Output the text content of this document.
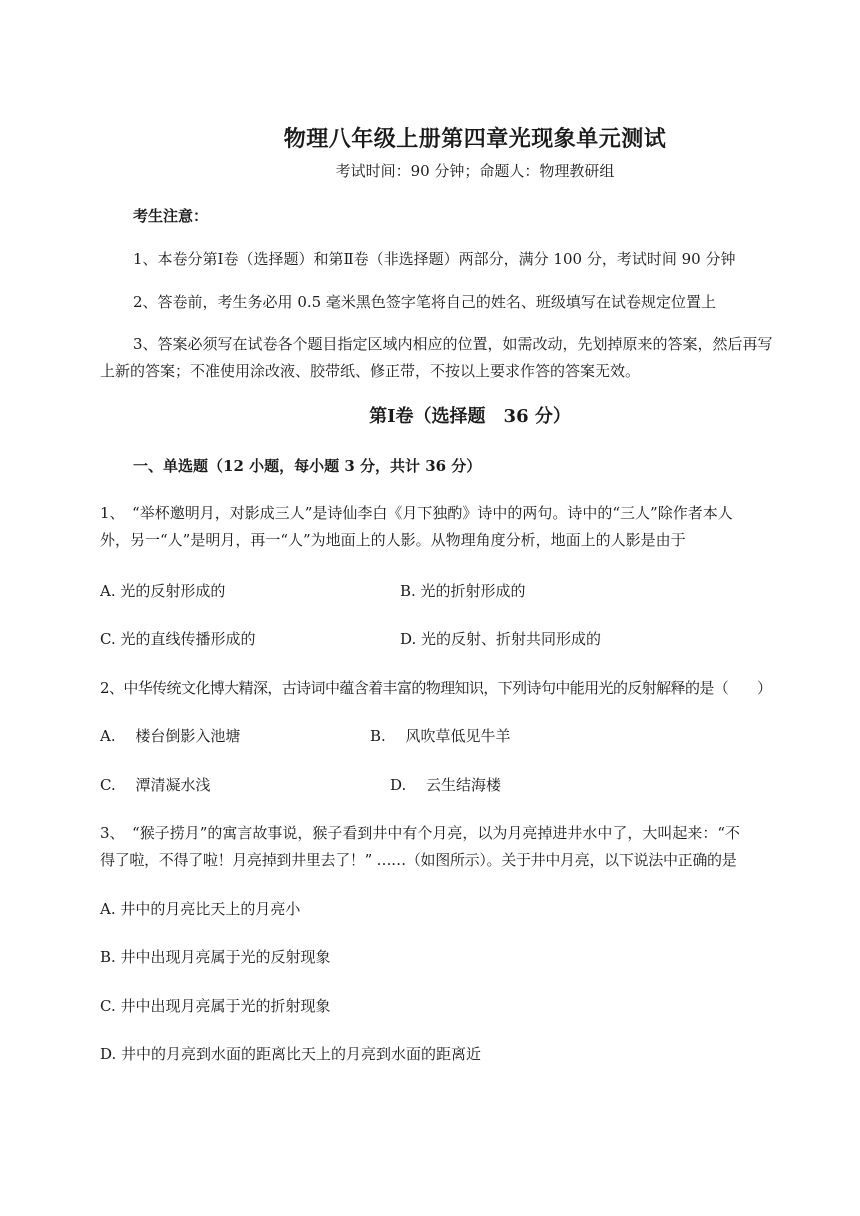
物理八年级上册第四章光现象单元测试
考试时间：90 分钟；命题人：物理教研组
考生注意：
1、本卷分第Ⅰ卷（选择题）和第Ⅱ卷（非选择题）两部分，满分 100 分，考试时间 90 分钟
2、答卷前，考生务必用 0.5 毫米黑色签字笔将自己的姓名、班级填写在试卷规定位置上
3、答案必须写在试卷各个题目指定区域内相应的位置，如需改动，先划掉原来的答案，然后再写
上新的答案；不准使用涂改液、胶带纸、修正带，不按以上要求作答的答案无效。
第Ⅰ卷（选择题　36 分）
一、单选题（12 小题，每小题 3 分，共计 36 分）
1、　“举杯邀明月，对影成三人”是诗仙李白《月下独酌》诗中的两句。诗中的“三人”除作者本人
外，另一“人”是明月，再一“人”为地面上的人影。从物理角度分析，地面上的人影是由于
A. 光的反射形成的	B. 光的折射形成的
C. 光的直线传播形成的	D. 光的反射、折射共同形成的
2、中华传统文化博大精深，古诗词中蕴含着丰富的物理知识，下列诗句中能用光的反射解释的是（　　）
A.　 楼台倒影入池塘	B.　 风吹草低见牛羊
C.　 潭清凝水浅	D.　 云生结海楼
3、　“猴子捞月”的寓言故事说，猴子看到井中有个月亮，以为月亮掉进井水中了，大叫起来：“不
得了啦，不得了啦！月亮掉到井里去了！” ……（如图所示）。关于井中月亮，以下说法中正确的是
A. 井中的月亮比天上的月亮小
B. 井中出现月亮属于光的反射现象
C. 井中出现月亮属于光的折射现象
D. 井中的月亮到水面的距离比天上的月亮到水面的距离近
